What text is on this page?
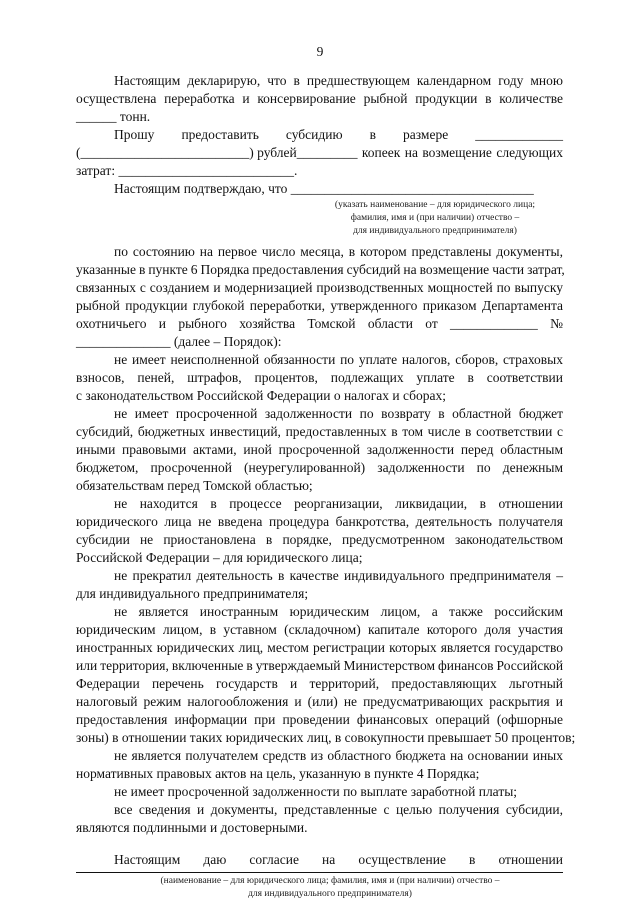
9
Настоящим декларирую, что в предшествующем календарном году мною
осуществлена переработка и консервирование рыбной продукции в количестве
______ тонн.
Прошу предоставить субсидию в размере _____________
(_________________________) рублей_________ копеек на возмещение следующих
затрат: __________________________.
Настоящим подтверждаю, что ____________________________________
(указать наименование – для юридического лица;
фамилия, имя и (при наличии) отчество –
для индивидуального предпринимателя)
по состоянию на первое число месяца, в котором представлены документы,
указанные в пункте 6 Порядка предоставления субсидий на возмещение части затрат,
связанных с созданием и модернизацией производственных мощностей по выпуску
рыбной продукции глубокой переработки, утвержденного приказом Департамента
охотничьего и рыбного хозяйства Томской области от _____________ №
______________ (далее – Порядок):
не имеет неисполненной обязанности по уплате налогов, сборов, страховых
взносов, пеней, штрафов, процентов, подлежащих уплате в соответствии
с законодательством Российской Федерации о налогах и сборах;
не имеет просроченной задолженности по возврату в областной бюджет
субсидий, бюджетных инвестиций, предоставленных в том числе в соответствии с
иными правовыми актами, иной просроченной задолженности перед областным
бюджетом, просроченной (неурегулированной) задолженности по денежным
обязательствам перед Томской областью;
не находится в процессе реорганизации, ликвидации, в отношении
юридического лица не введена процедура банкротства, деятельность получателя
субсидии не приостановлена в порядке, предусмотренном законодательством
Российской Федерации – для юридического лица;
не прекратил деятельность в качестве индивидуального предпринимателя –
для индивидуального предпринимателя;
не является иностранным юридическим лицом, а также российским
юридическим лицом, в уставном (складочном) капитале которого доля участия
иностранных юридических лиц, местом регистрации которых является государство
или территория, включенные в утверждаемый Министерством финансов Российской
Федерации перечень государств и территорий, предоставляющих льготный
налоговый режим налогообложения и (или) не предусматривающих раскрытия и
предоставления информации при проведении финансовых операций (офшорные
зоны) в отношении таких юридических лиц, в совокупности превышает 50 процентов;
не является получателем средств из областного бюджета на основании иных
нормативных правовых актов на цель, указанную в пункте 4 Порядка;
не имеет просроченной задолженности по выплате заработной платы;
все сведения и документы, представленные с целью получения субсидии,
являются подлинными и достоверными.
Настоящим даю согласие на осуществление в отношении
(наименование – для юридического лица; фамилия, имя и (при наличии) отчество –
для индивидуального предпринимателя)
